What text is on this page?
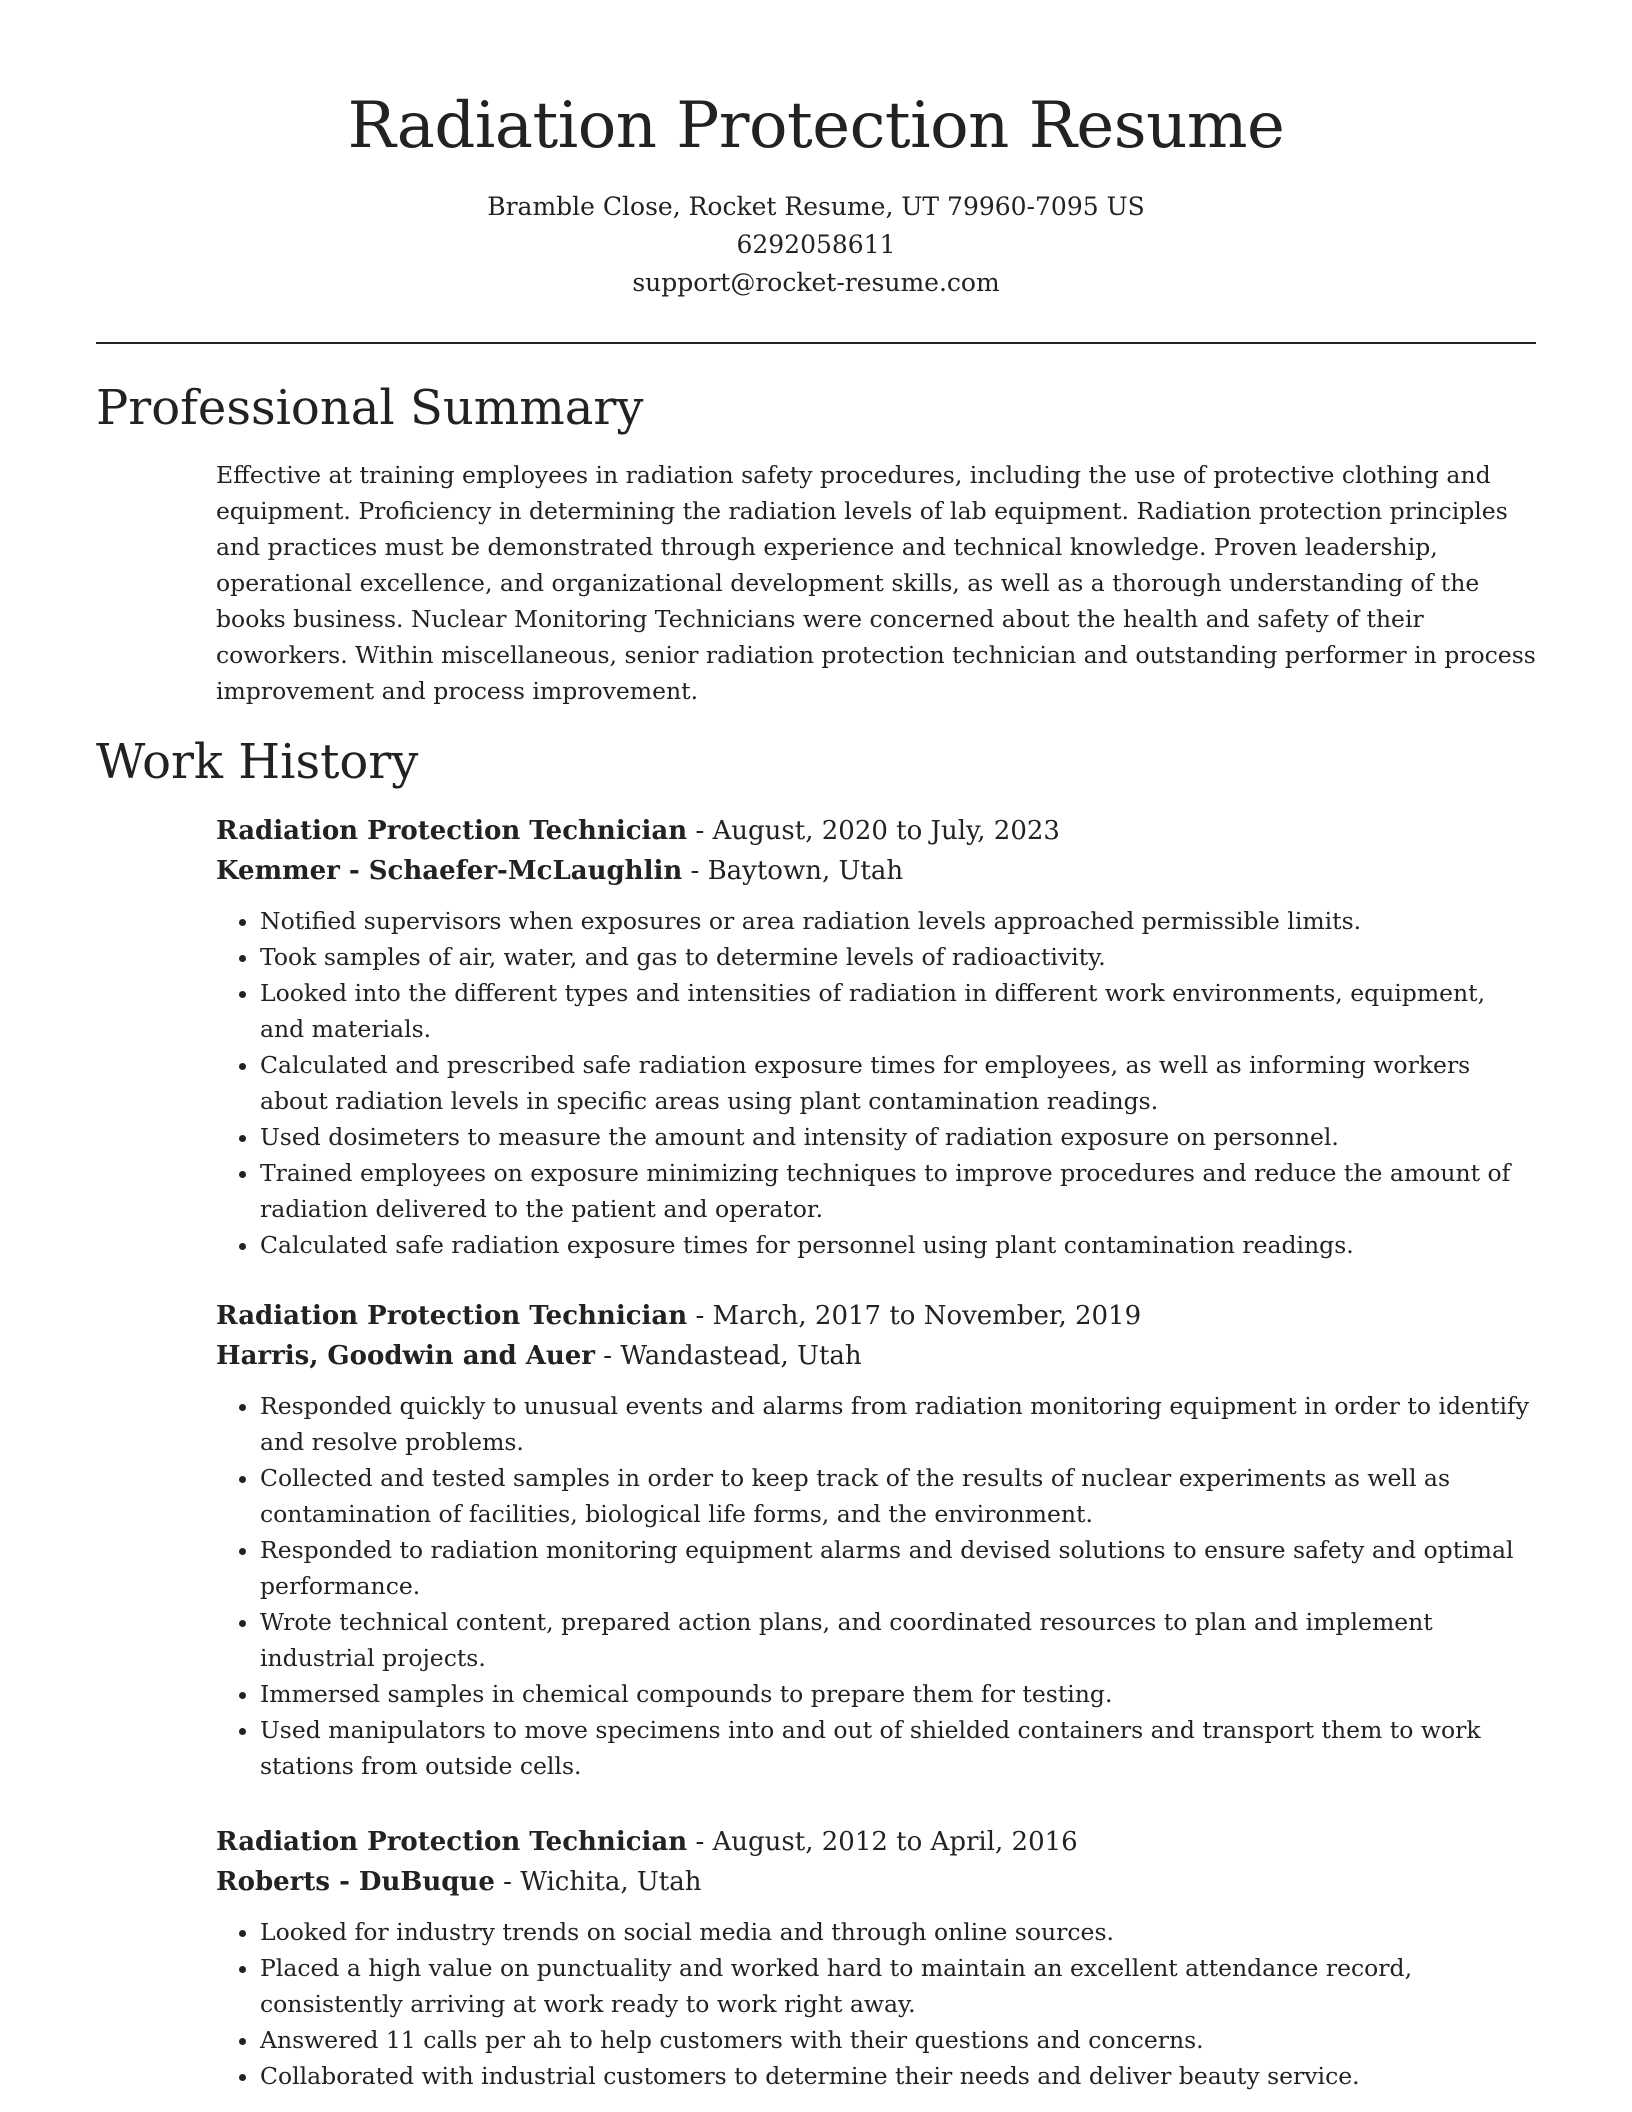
Radiation Protection Resume
Bramble Close, Rocket Resume, UT 79960-7095 US
6292058611
support@rocket-resume.com
Professional Summary

Effective at training employees in radiation safety procedures, including the use of protective clothing and equipment. Proficiency in determining the radiation levels of lab equipment. Radiation protection principles and practices must be demonstrated through experience and technical knowledge. Proven leadership, operational excellence, and organizational development skills, as well as a thorough understanding of the books business. Nuclear Monitoring Technicians were concerned about the health and safety of their coworkers. Within miscellaneous, senior radiation protection technician and outstanding performer in process improvement and process improvement.

Work History
Radiation Protection Technician - August, 2020 to July, 2023
Kemmer - Schaefer-McLaughlin - Baytown, Utah
• Notified supervisors when exposures or area radiation levels approached permissible limits.
• Took samples of air, water, and gas to determine levels of radioactivity.
• Looked into the different types and intensities of radiation in different work environments, equipment, and materials.
• Calculated and prescribed safe radiation exposure times for employees, as well as informing workers about radiation levels in specific areas using plant contamination readings.
• Used dosimeters to measure the amount and intensity of radiation exposure on personnel.
• Trained employees on exposure minimizing techniques to improve procedures and reduce the amount of radiation delivered to the patient and operator.
• Calculated safe radiation exposure times for personnel using plant contamination readings.
Radiation Protection Technician - March, 2017 to November, 2019
Harris, Goodwin and Auer - Wandastead, Utah
• Responded quickly to unusual events and alarms from radiation monitoring equipment in order to identify and resolve problems.
• Collected and tested samples in order to keep track of the results of nuclear experiments as well as contamination of facilities, biological life forms, and the environment.
• Responded to radiation monitoring equipment alarms and devised solutions to ensure safety and optimal performance.
• Wrote technical content, prepared action plans, and coordinated resources to plan and implement industrial projects.
• Immersed samples in chemical compounds to prepare them for testing.
• Used manipulators to move specimens into and out of shielded containers and transport them to work stations from outside cells.
Radiation Protection Technician - August, 2012 to April, 2016
Roberts - DuBuque - Wichita, Utah
• Looked for industry trends on social media and through online sources.
• Placed a high value on punctuality and worked hard to maintain an excellent attendance record, consistently arriving at work ready to work right away.
• Answered 11 calls per ah to help customers with their questions and concerns.
• Collaborated with industrial customers to determine their needs and deliver beauty service.
